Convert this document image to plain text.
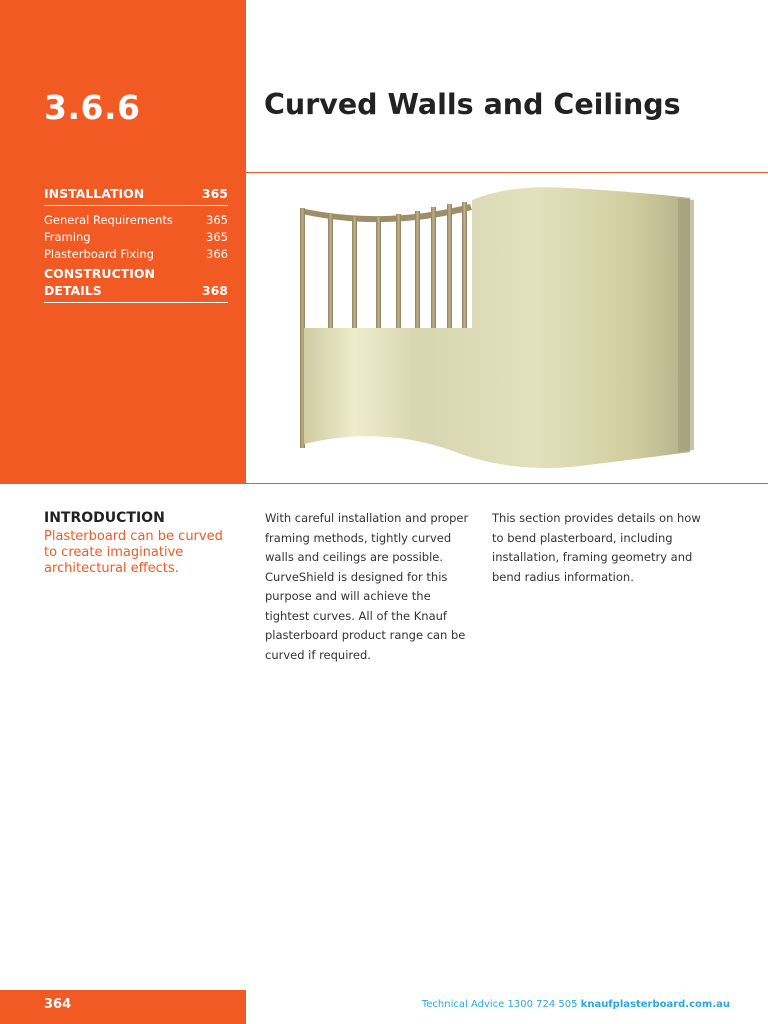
3.6.6
INSTALLATION	365
General Requirements	365
Framing	365
Plasterboard Fixing	366
CONSTRUCTION
DETAILS	368
Curved Walls and Ceilings
INTRODUCTION

Plasterboard can be curved to create imaginative architectural effects.

With careful installation and proper framing methods, tightly curved walls and ceilings are possible. CurveShield is designed for this purpose and will achieve the tightest curves. All of the Knauf plasterboard product range can be curved if required.

This section provides details on how to bend plasterboard, including installation, framing geometry and bend radius information.

364	Technical Advice 1300 724 505 knaufplasterboard.com.au
